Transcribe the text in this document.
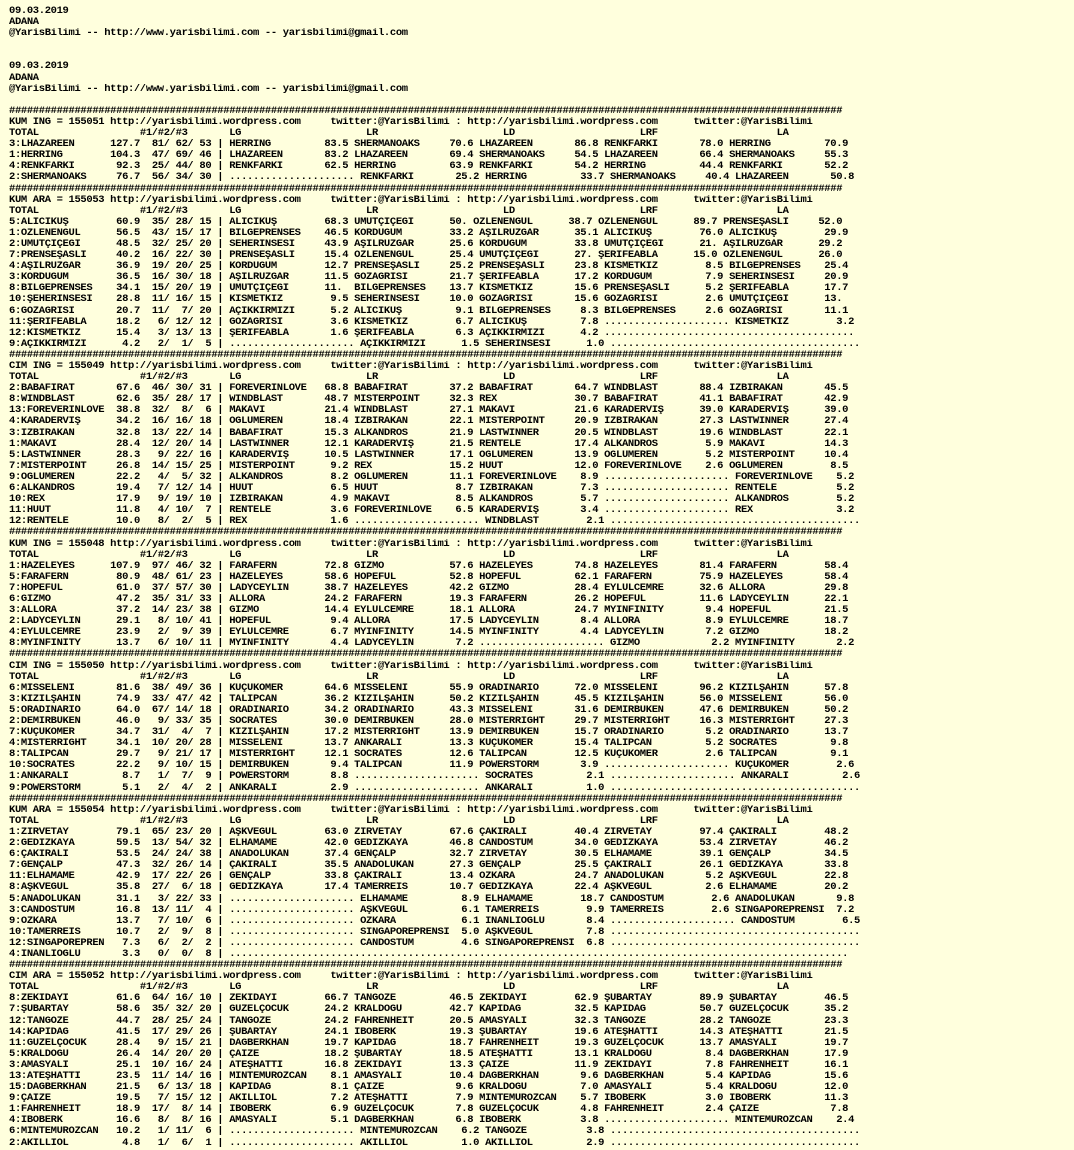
09.03.2019
ADANA
@YarisBilimi -- http://www.yarisbilimi.com -- yarisbilimi@gmail.com
09.03.2019
ADANA
@YarisBilimi -- http://www.yarisbilimi.com -- yarisbilimi@gmail.com
############################################################################################################################################
KUM ING = 155051 http://yarisbilimi.wordpress.com     twitter:@YarisBilimi : http://yarisbilimi.wordpress.com      twitter:@YarisBilimi
TOTAL                 #1/#2/#3       LG                     LR                     LD                     LRF                    LA
3:LHAZAREEN      127.7  81/ 62/ 53 | HERRING         83.5 SHERMANOAKS     70.6 LHAZAREEN       86.8 RENKFARKI       78.0 HERRING         70.9
1:HERRING        104.3  47/ 69/ 46 | LHAZAREEN       83.2 LHAZAREEN       69.4 SHERMANOAKS     54.5 LHAZAREEN       66.4 SHERMANOAKS     55.3
4:RENKFARKI       92.3  25/ 44/ 80 | RENKFARKI       62.5 HERRING         63.9 RENKFARKI       54.2 HERRING         44.4 RENKFARKI       52.2
2:SHERMANOAKS     76.7  56/ 34/ 30 | ..................... RENKFARKI       25.2 HERRING         33.7 SHERMANOAKS     40.4 LHAZAREEN       50.8
############################################################################################################################################
KUM ARA = 155053 http://yarisbilimi.wordpress.com     twitter:@YarisBilimi : http://yarisbilimi.wordpress.com      twitter:@YarisBilimi
TOTAL                 #1/#2/#3       LG                     LR                     LD                     LRF                    LA
5:ALICIKUŞ        60.9  35/ 28/ 15 | ALICIKUŞ        68.3 UMUTÇİÇEĞİ      50. ÖZLENENGÜL      38.7 ÖZLENENGÜL      89.7 PRENSEŞASLI     52.0
1:ÖZLENENGÜL      56.5  43/ 15/ 17 | BİLGEPRENSES    46.5 KORDÜĞÜM        33.2 AŞILRÜZGAR      35.1 ALICIKUŞ        76.0 ALICIKUŞ        29.9
2:UMUTÇİÇEĞİ      48.5  32/ 25/ 20 | SEHERİNSESİ     43.9 AŞILRÜZGAR      25.6 KORDÜĞÜM        33.8 UMUTÇİÇEĞİ      21. AŞILRÜZGAR      29.2
7:PRENSEŞASLI     40.2  16/ 22/ 30 | PRENSEŞASLI     15.4 ÖZLENENGÜL      25.4 UMUTÇİÇEĞİ      27. ŞERİFEABLA      15.0 ÖZLENENGÜL      26.0
4:AŞILRÜZGAR      36.9  19/ 20/ 25 | KORDÜĞÜM        12.7 PRENSEŞASLI     25.2 PRENSEŞASLI     23.8 KISMETKİZ        8.5 BİLGEPRENSES    25.4
3:KORDÜĞÜM        36.5  16/ 30/ 18 | AŞILRÜZGAR      11.5 GÖZAGRISI       21.7 ŞERİFEABLA      17.2 KORDÜĞÜM         7.9 SEHERİNSESİ     20.9
8:BİLGEPRENSES    34.1  15/ 20/ 19 | UMUTÇİÇEĞİ      11.  BİLGEPRENSES    13.7 KİSMETKİZ       15.6 PRENSEŞASLI      5.2 ŞERİFEABLA      17.7
10:ŞEHERİNSESİ    28.8  11/ 16/ 15 | KISMETKİZ        9.5 SEHERİNSESİ     10.0 GÖZAGRISI       15.6 GÖZAGRISI        2.6 UMUTÇİÇEĞİ      13.
6:GÖZAGRISI       20.7  11/  7/ 20 | AÇIKKIRMIZI      5.2 ALICIKUŞ         9.1 BİLGEPRENSES     8.3 BİLGEPRENSES     2.6 GÖZAGRISI       11.1
11:ŞERİFEABLA     18.2   6/ 12/ 12 | GÖZAGRISI        3.6 KISMETKİZ        6.7 ALICIKUŞ         7.8 ..................... KISMETKİZ        3.2
12:KISMETKİZ      15.4   3/ 13/ 13 | ŞERİFEABLA       1.6 ŞERİFEABLA       6.3 AÇIKKIRMIZI      4.2 ..........................................
9:AÇIKKIRMIZI      4.2   2/  1/  5 | ..................... AÇIKKIRMIZI      1.5 SEHERİNSESİ      1.0 ..........................................
############################################################################################################################################
CIM ING = 155049 http://yarisbilimi.wordpress.com     twitter:@YarisBilimi : http://yarisbilimi.wordpress.com      twitter:@YarisBilimi
TOTAL                 #1/#2/#3       LG                     LR                     LD                     LRF                    LA
2:BABAFIRAT       67.6  46/ 30/ 31 | FOREVERINLOVE   68.8 BABAFIRAT       37.2 BABAFIRAT       64.7 WINDBLAST       88.4 İZBİRAKAN       45.5
8:WINDBLAST       62.6  35/ 28/ 17 | WINDBLAST       48.7 MISTERPOINT     32.3 REX             30.7 BABAFIRAT       41.1 BABAFIRAT       42.9
13:FOREVERINLOVE  38.8  32/  8/  6 | MAKAVI          21.4 WINDBLAST       27.1 MAKAVI          21.6 KARADERVİŞ      39.0 KARADERVİŞ      39.0
4:KARADERVİŞ      34.2  16/ 16/ 18 | OGLUMEREN       18.4 İZBİRAKAN       22.1 MISTERPOINT     20.9 İZBİRAKAN       27.3 LASTWINNER      27.4
3:İZBİRAKAN       32.8  13/ 22/ 14 | BABAFIRAT       15.3 ALKANDROS       21.9 LASTWINNER      20.5 WINDBLAST       19.6 WINDBLAST       22.1
1:MAKAVI          28.4  12/ 20/ 14 | LASTWINNER      12.1 KARADERVİŞ      21.5 RENTELE         17.4 ALKANDROS        5.9 MAKAVI          14.3
5:LASTWINNER      28.3   9/ 22/ 16 | KARADERVİŞ      10.5 LASTWINNER      17.1 OGLUMEREN       13.9 OGLUMEREN        5.2 MISTERPOINT     10.4
7:MISTERPOINT     26.8  14/ 15/ 25 | MISTERPOINT      9.2 REX             15.2 HUUT            12.0 FOREVERINLOVE    2.6 OGLUMEREN        8.5
9:OGLUMEREN       22.2   4/  5/ 32 | ALKANDROS        8.2 OGLUMEREN       11.1 FOREVERINLOVE    8.9 ..................... FOREVERINLOVE    5.2
6:ALKANDROS       19.4   7/ 12/ 14 | HUUT             6.5 HUUT             8.7 İZBİRAKAN        7.3 ..................... RENTELE          5.2
10:REX            17.9   9/ 19/ 10 | İZBİRAKAN        4.9 MAKAVI           8.5 ALKANDROS        5.7 ..................... ALKANDROS        5.2
11:HUUT           11.8   4/ 10/  7 | RENTELE          3.6 FOREVERINLOVE    6.5 KARADERVİŞ       3.4 ..................... REX              3.2
12:RENTELE        10.0   8/  2/  5 | REX              1.6 ..................... WINDBLAST        2.1 ..........................................
############################################################################################################################################
KUM ING = 155048 http://yarisbilimi.wordpress.com     twitter:@YarisBilimi : http://yarisbilimi.wordpress.com      twitter:@YarisBilimi
TOTAL                 #1/#2/#3       LG                     LR                     LD                     LRF                    LA
1:HAZELEYES      107.9  97/ 46/ 32 | FARAFERN        72.8 GİZMO           57.6 HAZELEYES       74.8 HAZELEYES       81.4 FARAFERN        58.4
5:FARAFERN        80.9  48/ 61/ 23 | HAZELEYES       58.6 HOPEFUL         52.8 HOPEFUL         62.1 FARAFERN        75.9 HAZELEYES       58.4
7:HOPEFUL         61.0  37/ 57/ 30 | LADYCEYLİN      38.7 HAZELEYES       42.2 GİZMO           28.4 EYLÜLCEMRE      32.6 ALLORA          29.8
6:GİZMO           47.2  35/ 31/ 33 | ALLORA          24.2 FARAFERN        19.3 FARAFERN        26.2 HOPEFUL         11.6 LADYCEYLİN      22.1
3:ALLORA          37.2  14/ 23/ 38 | GİZMO           14.4 EYLÜLCEMRE      18.1 ALLORA          24.7 MYINFINITY       9.4 HOPEFUL         21.5
2:LADYCEYLİN      29.1   8/ 10/ 41 | HOPEFUL          9.4 ALLORA          17.5 LADYCEYLİN       8.4 ALLORA           8.9 EYLÜLCEMRE      18.7
4:EYLÜLCEMRE      23.9   2/  9/ 39 | EYLÜLCEMRE       6.7 MYINFINITY      14.5 MYINFINITY       4.4 LADYCEYLİN       7.2 GİZMO           18.2
8:MYINFINITY      13.7   6/ 10/ 11 | MYINFINITY       4.4 LADYCEYLİN       7.2 ..................... GİZMO            2.2 MYINFINITY       2.2
############################################################################################################################################
CIM ING = 155050 http://yarisbilimi.wordpress.com     twitter:@YarisBilimi : http://yarisbilimi.wordpress.com      twitter:@YarisBilimi
TOTAL                 #1/#2/#3       LG                     LR                     LD                     LRF                    LA
6:MISSELENİ       81.6  38/ 49/ 36 | KÜÇÜKÖMER       64.6 MISSELENİ       55.9 ORADINARIO      72.0 MISSELENİ       96.2 KIZILŞAHİN      57.8
3:KIZILŞAHİN      74.9  33/ 47/ 42 | TALİPCAN        36.2 KIZILŞAHİN      50.2 KIZILŞAHİN      45.5 KIZILŞAHİN      56.0 MISSELENİ       56.0
5:ORADİNARIO      64.0  67/ 14/ 18 | ORADINARIO      34.2 ORADİNARIO      43.3 MISSELENİ       31.6 DEMİRBÜKEN      47.6 DEMİRBÜKEN      50.2
2:DEMİRBÜKEN      46.0   9/ 33/ 35 | SOCRATES        30.0 DEMİRBÜKEN      28.0 MİSTERRIGHT     29.7 MISTERRIGHT     16.3 MISTERRIGHT     27.3
7:KÜÇÜKÖMER       34.7  31/  4/  7 | KIZILŞAHİN      17.2 MISTERRIGHT     13.9 DEMİRBÜKEN      15.7 ORADINARIO       5.2 ORADINARIO      13.7
4:MİSTERRIGHT     34.1  10/ 20/ 28 | MISSELENİ       13.7 ANKARALI        13.3 KÜÇÜKÖMER       15.4 TALİPCAN         5.2 SOCRATES         9.8
8:TALİPCAN        29.7   9/ 21/ 17 | MİSTERRIGHT     12.1 SOCRATES        12.6 TALİPCAN        12.5 KÜÇÜKÖMER        2.6 TALİPCAN         9.1
10:SOCRATES       22.2   9/ 10/ 15 | DEMİRBÜKEN       9.4 TALİPCAN        11.9 POWERSTORM       3.9 ..................... KÜÇÜKÖMER        2.6
1:ANKARALI         8.7   1/  7/  9 | POWERSTORM       8.8 ..................... SOCRATES         2.1 ..................... ANKARALI         2.6
9:POWERSTORM       5.1   2/  4/  2 | ANKARALI         2.9 ..................... ANKARALI         1.0 ..........................................
############################################################################################################################################
KUM ARA = 155054 http://yarisbilimi.wordpress.com     twitter:@YarisBilimi : http://yarisbilimi.wordpress.com      twitter:@YarisBilimi
TOTAL                 #1/#2/#3       LG                     LR                     LD                     LRF                    LA
1:ZİRVETAY        79.1  65/ 23/ 20 | AŞKVEGÜL        63.0 ZİRVETAY        67.6 ÇAKIRALİ        40.4 ZİRVETAY        97.4 ÇAKIRALİ        48.2
2:GEDİZKAYA       59.5  13/ 54/ 32 | ELHAMAME        42.0 GEDİZKAYA       46.8 CANDOSTUM       34.0 GEDİZKAYA       53.4 ZİRVETAY        46.2
6:ÇAKIRALİ        53.5  24/ 24/ 38 | ANADOLUKAN      37.4 GENÇALP         32.7 ZİRVETAY        30.5 ELHAMAME        39.1 GENÇALP         34.5
7:GENÇALP         47.3  32/ 26/ 14 | ÇAKIRALİ        35.5 ANADOLUKAN      27.3 GENÇALP         25.5 ÇAKIRALİ        26.1 GEDİZKAYA       33.8
11:ELHAMAME       42.9  17/ 22/ 26 | GENÇALP         33.8 ÇAKIRALİ        13.4 ÖZKARA          24.7 ANADOLUKAN       5.2 AŞKVEGÜL        22.8
8:AŞKVEGÜL        35.8  27/  6/ 18 | GEDİZKAYA       17.4 TAMERREİS       10.7 GEDİZKAYA       22.4 AŞKVEGÜL         2.6 ELHAMAME        20.2
5:ANADOLUKAN      31.1   3/ 22/ 33 | ..................... ELHAMAME         8.9 ELHAMAME        18.7 CANDOSTUM        2.6 ANADOLUKAN       9.8
3:CANDOSTUM       16.8  13/ 11/  4 | ..................... AŞKVEGÜL         6.1 TAMERREİS        9.9 TAMERREİS        2.6 SİNGAPOREPRENSİ  7.2
9:ÖZKARA          13.7   7/ 10/  6 | ..................... ÖZKARA           6.1 İNANLIOĞLU       8.4 ..................... CANDOSTUM        6.5
10:TAMERREİS      10.7   2/  9/  8 | ..................... SİNGAPOREPRENSİ  5.0 AŞKVEGÜL         7.8 ..........................................
12:SİNGAPOREPREN   7.3   6/  2/  2 | ..................... CANDOSTUM        4.6 SİNGAPOREPRENSİ  6.8 ..........................................
4:İNANLIOĞLU       3.3   0/  0/  8 | ........................................................................................................
############################################################################################################################################
CIM ARA = 155052 http://yarisbilimi.wordpress.com     twitter:@YarisBilimi : http://yarisbilimi.wordpress.com      twitter:@YarisBilimi
TOTAL                 #1/#2/#3       LG                     LR                     LD                     LRF                    LA
8:ZEKİDAYI        61.6  64/ 16/ 10 | ZEKİDAYI        66.7 TANGOZE         46.5 ZEKİDAYI        62.9 ŞUBARTAY        89.9 ŞUBARTAY        46.5
7:ŞUBARTAY        58.6  35/ 32/ 20 | GÜZELÇOCUK      24.2 KRALDOGU        42.7 KAPIDAG         32.5 KAPIDAĞ         50.7 GÜZELÇOCUK      35.2
12:TANGOZE        44.7  28/ 25/ 24 | TANGOZE         24.2 FAHRENHEİT      20.5 AMASYALI        32.3 TANGOZE         28.2 TANGOZE         23.3
14:KAPIDAG        41.5  17/ 29/ 26 | ŞUBARTAY        24.1 İBOBERK         19.3 ŞUBARTAY        19.6 ATEŞHATTI       14.3 ATEŞHATTI       21.5
11:GÜZELÇOCUK     28.4   9/ 15/ 21 | DAĞBERKHAN      19.7 KAPIDAG         18.7 FAHRENHEİT      19.3 GÜZELÇOCUK      13.7 AMASYALI        19.7
5:KRALDOGU        26.4  14/ 20/ 20 | ÇAİZE           18.2 ŞUBARTAY        18.5 ATEŞHATTI       13.1 KRALDOĞU         8.4 DAĞBERKHAN      17.9
3:AMASYALI        25.1  10/ 16/ 24 | ATEŞHATTI       16.8 ZEKİDAYI        13.3 ÇAİZE           11.9 ZEKİDAYI         7.8 FAHRENHEİT      16.1
13:ATEŞHATTI      23.5  11/ 14/ 16 | MİNTEMURÖZCAN    8.1 AMASYALI        10.4 DAĞBERKHAN       9.6 DAGBERKHAN       5.4 KAPIDAG         15.6
15:DAĞBERKHAN     21.5   6/ 13/ 18 | KAPIDAG          8.1 ÇAİZE            9.6 KRALDOGU         7.0 AMASYALI         5.4 KRALDOGU        12.0
9:ÇAİZE           19.5   7/ 15/ 12 | AKILLIOL         7.2 ATEŞHATTI        7.9 MİNTEMURÖZCAN    5.7 İBOBERK          3.0 İBOBERK         11.3
1:FAHRENHEİT      18.9  17/  8/ 14 | İBOBERK          6.9 GÜZELÇOCUK       7.8 GÜZELÇOCUK       4.8 FAHRENHEİT       2.4 ÇAİZE            7.8
4:İBOBERK         16.6   8/  8/ 16 | AMASYALI         5.1 DAĞBERKHAN       6.8 İBOBERK          3.8 ..................... MİNTEMURÖZCAN    2.4
6:MİNTEMURÖZCAN   10.2   1/ 11/  6 | ..................... MİNTEMURÖZCAN    6.2 TANGOZE          3.8 ..........................................
2:AKILLIOL         4.8   1/  6/  1 | ..................... AKILLIOL         1.0 AKILLIOL         2.9 ..........................................
